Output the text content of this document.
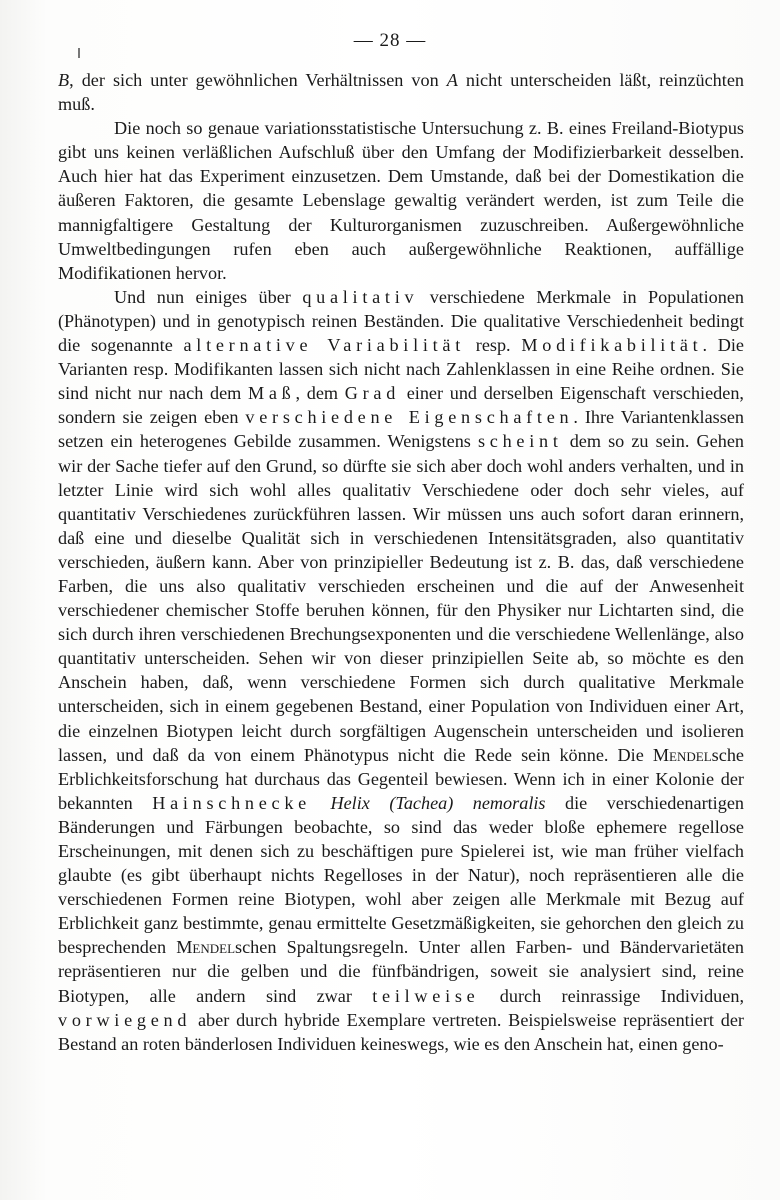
— 28 —

B, der sich unter gewöhnlichen Verhältnissen von A nicht unterscheiden läßt, reinzüchten muß.

Die noch so genaue variationsstatistische Untersuchung z. B. eines Freiland-Biotypus gibt uns keinen verläßlichen Aufschluß über den Umfang der Modifizierbarkeit desselben. Auch hier hat das Experiment einzusetzen. Dem Umstande, daß bei der Domestikation die äußeren Faktoren, die gesamte Lebenslage gewaltig verändert werden, ist zum Teile die mannigfaltigere Gestaltung der Kulturorganismen zuzuschreiben. Außergewöhnliche Umweltbedingungen rufen eben auch außergewöhnliche Reaktionen, auffällige Modifikationen hervor.

Und nun einiges über qualitativ verschiedene Merkmale in Populationen (Phänotypen) und in genotypisch reinen Beständen. Die qualitative Verschiedenheit bedingt die sogenannte alternative Variabilität resp. Modifikabilität. Die Varianten resp. Modifikanten lassen sich nicht nach Zahlenklassen in eine Reihe ordnen. Sie sind nicht nur nach dem Maß, dem Grad einer und derselben Eigenschaft verschieden, sondern sie zeigen eben verschiedene Eigenschaften. Ihre Variantenklassen setzen ein heterogenes Gebilde zusammen. Wenigstens scheint dem so zu sein. Gehen wir der Sache tiefer auf den Grund, so dürfte sie sich aber doch wohl anders verhalten, und in letzter Linie wird sich wohl alles qualitativ Verschiedene oder doch sehr vieles, auf quantitativ Verschiedenes zurückführen lassen. Wir müssen uns auch sofort daran erinnern, daß eine und dieselbe Qualität sich in verschiedenen Intensitätsgraden, also quantitativ verschieden, äußern kann. Aber von prinzipieller Bedeutung ist z. B. das, daß verschiedene Farben, die uns also qualitativ verschieden erscheinen und die auf der Anwesenheit verschiedener chemischer Stoffe beruhen können, für den Physiker nur Lichtarten sind, die sich durch ihren verschiedenen Brechungsexponenten und die verschiedene Wellenlänge, also quantitativ unterscheiden. Sehen wir von dieser prinzipiellen Seite ab, so möchte es den Anschein haben, daß, wenn verschiedene Formen sich durch qualitative Merkmale unterscheiden, sich in einem gegebenen Bestand, einer Population von Individuen einer Art, die einzelnen Biotypen leicht durch sorgfältigen Augenschein unterscheiden und isolieren lassen, und daß da von einem Phänotypus nicht die Rede sein könne. Die Mendelsche Erblichkeitsforschung hat durchaus das Gegenteil bewiesen. Wenn ich in einer Kolonie der bekannten Hainschnecke Helix (Tachea) nemoralis die verschiedenartigen Bänderungen und Färbungen beobachte, so sind das weder bloße ephemere regellose Erscheinungen, mit denen sich zu beschäftigen pure Spielerei ist, wie man früher vielfach glaubte (es gibt überhaupt nichts Regelloses in der Natur), noch repräsentieren alle die verschiedenen Formen reine Biotypen, wohl aber zeigen alle Merkmale mit Bezug auf Erblichkeit ganz bestimmte, genau ermittelte Gesetzmäßigkeiten, sie gehorchen den gleich zu besprechenden Mendelschen Spaltungsregeln. Unter allen Farben- und Bändervarietäten repräsentieren nur die gelben und die fünfbändrigen, soweit sie analysiert sind, reine Biotypen, alle andern sind zwar teilweise durch reinrassige Individuen, vorwiegend aber durch hybride Exemplare vertreten. Beispielsweise repräsentiert der Bestand an roten bänderlosen Individuen keineswegs, wie es den Anschein hat, einen geno-
